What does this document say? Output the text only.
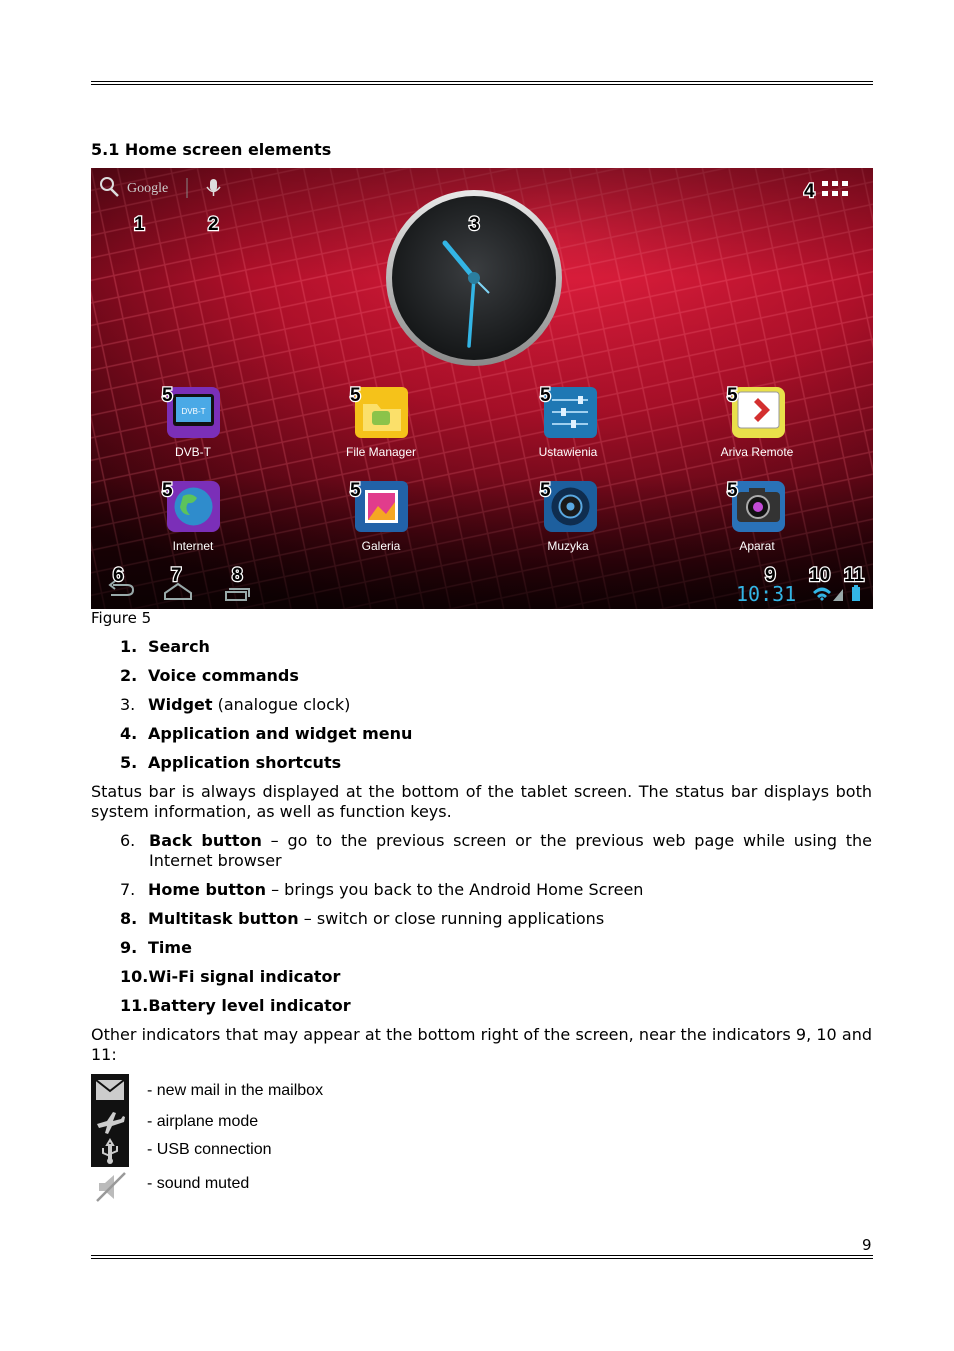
5.1 Home screen elements
Google
DVB-T
DVB-T	File Manager	Ustawienia	Ariva Remote
Internet	Galeria	Muzyka	Aparat
10:31
1	2	3
4
5	5	5	5
5	5	5	5
6 7	8	9 10 11
Figure 5
1. Search
2. Voice commands
3. Widget (analogue clock)
4. Application and widget menu
5. Application shortcuts
Status bar is always displayed at the bottom of the tablet screen. The status bar displays both system information, as well as function keys.
6. Back button – go to the previous screen or the previous web page while using the Internet browser
7. Home button – brings you back to the Android Home Screen
8. Multitask button – switch or close running applications
9. Time
10.Wi-Fi signal indicator
11.Battery level indicator
Other indicators that may appear at the bottom right of the screen, near the indicators 9, 10 and 11:
- new mail in the mailbox
- airplane mode
- USB connection
- sound muted
9
